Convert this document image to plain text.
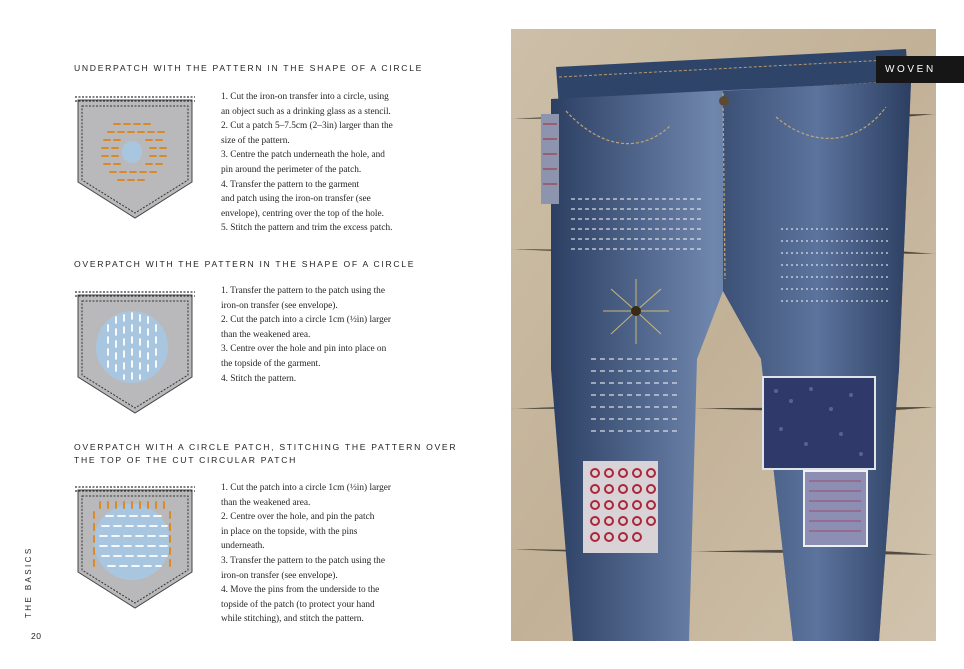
UNDERPATCH WITH THE PATTERN IN THE SHAPE OF A CIRCLE
1. Cut the iron-on transfer into a circle, using
an object such as a drinking glass as a stencil.
2. Cut a patch 5–7.5cm (2–3in) larger than the
size of the pattern.
3. Centre the patch underneath the hole, and
pin around the perimeter of the patch.
4. Transfer the pattern to the garment
and patch using the iron-on transfer (see
envelope), centring over the top of the hole.
5. Stitch the pattern and trim the excess patch.
OVERPATCH WITH THE PATTERN IN THE SHAPE OF A CIRCLE
1. Transfer the pattern to the patch using the
iron-on transfer (see envelope).
2. Cut the patch into a circle 1cm (½in) larger
than the weakened area.
3. Centre over the hole and pin into place on
the topside of the garment.
4. Stitch the pattern.
OVERPATCH WITH A CIRCLE PATCH, STITCHING THE PATTERN OVER
THE TOP OF THE CUT CIRCULAR PATCH
1. Cut the patch into a circle 1cm (½in) larger
than the weakened area.
2. Centre over the hole, and pin the patch
in place on the topside, with the pins
underneath.
3. Transfer the pattern to the patch using the
iron-on transfer (see envelope).
4. Move the pins from the underside to the
topside of the patch (to protect your hand
while stitching), and stitch the pattern.
THE BASICS
20
WOVEN
